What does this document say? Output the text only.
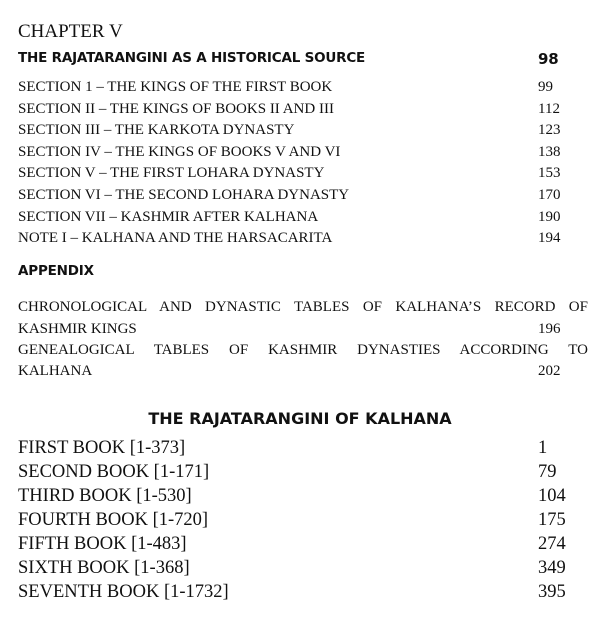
CHAPTER V
THE RAJATARANGINI AS A HISTORICAL SOURCE	98
SECTION 1 – THE KINGS OF THE FIRST BOOK	99
SECTION II – THE KINGS OF BOOKS II AND III	112
SECTION III – THE KARKOTA DYNASTY	123
SECTION IV – THE KINGS OF BOOKS V AND VI	138
SECTION V – THE FIRST LOHARA DYNASTY	153
SECTION VI – THE SECOND LOHARA DYNASTY	170
SECTION VII – KASHMIR AFTER KALHANA	190
NOTE I – KALHANA AND THE HARSACARITA	194
APPENDIX
CHRONOLOGICAL AND DYNASTIC TABLES OF KALHANA’S RECORD OF
KASHMIR KINGS	196
GENEALOGICAL TABLES OF KASHMIR DYNASTIES ACCORDING TO
KALHANA	202
THE RAJATARANGINI OF KALHANA
FIRST BOOK [1-373]	1
SECOND BOOK [1-171]	79
THIRD BOOK [1-530]	104
FOURTH BOOK [1-720]	175
FIFTH BOOK [1-483]	274
SIXTH BOOK [1-368]	349
SEVENTH BOOK [1-1732]	395
